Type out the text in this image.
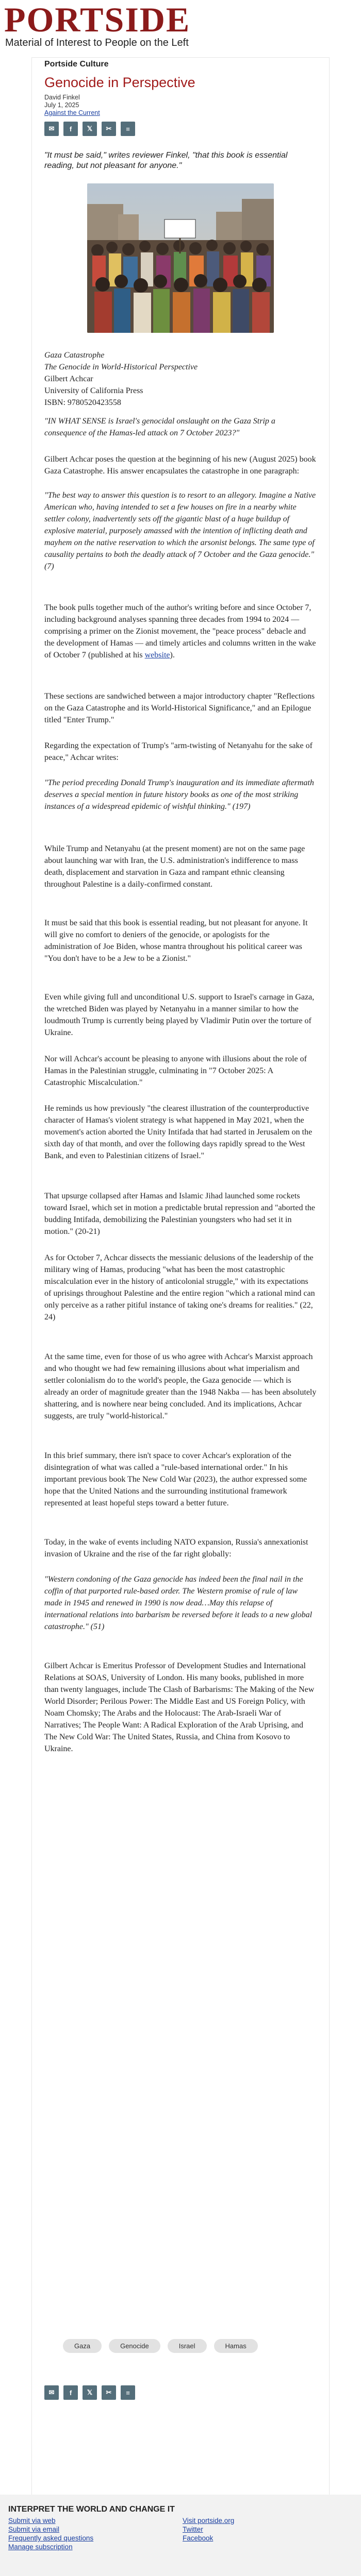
PORTSIDE
Material of Interest to People on the Left
Portside Culture
Genocide in Perspective
David Finkel
July 1, 2025
Against the Current
✉	f	𝕏	✂	≡
"It must be said," writes reviewer Finkel, "that this book is essential reading, but not pleasant for anyone."
Gaza Catastrophe
The Genocide in World-Historical Perspective
Gilbert Achcar
University of California Press
ISBN: 9780520423558
"IN WHAT SENSE is Israel's genocidal onslaught on the Gaza Strip a consequence of the Hamas-led attack on 7 October 2023?"
Gilbert Achcar poses the question at the beginning of his new (August 2025) book Gaza Catastrophe. His answer encapsulates the catastrophe in one paragraph:
"The best way to answer this question is to resort to an allegory. Imagine a Native American who, having intended to set a few houses on fire in a nearby white settler colony, inadvertently sets off the gigantic blast of a huge buildup of explosive material, purposely amassed with the intention of inflicting death and mayhem on the native reservation to which the arsonist belongs. The same type of causality pertains to both the deadly attack of 7 October and the Gaza genocide." (7)
The book pulls together much of the author's writing before and since October 7, including background analyses spanning three decades from 1994 to 2024 — comprising a primer on the Zionist movement, the "peace process" debacle and the development of Hamas — and timely articles and columns written in the wake of October 7 (published at his website).
These sections are sandwiched between a major introductory chapter "Reflections on the Gaza Catastrophe and its World-Historical Significance," and an Epilogue titled "Enter Trump."
Regarding the expectation of Trump's "arm-twisting of Netanyahu for the sake of peace," Achcar writes:
"The period preceding Donald Trump's inauguration and its immediate aftermath deserves a special mention in future history books as one of the most striking instances of a widespread epidemic of wishful thinking." (197)
While Trump and Netanyahu (at the present moment) are not on the same page about launching war with Iran, the U.S. administration's indifference to mass death, displacement and starvation in Gaza and rampant ethnic cleansing throughout Palestine is a daily-confirmed constant.
It must be said that this book is essential reading, but not pleasant for anyone. It will give no comfort to deniers of the genocide, or apologists for the administration of Joe Biden, whose mantra throughout his political career was "You don't have to be a Jew to be a Zionist."
Even while giving full and unconditional U.S. support to Israel's carnage in Gaza, the wretched Biden was played by Netanyahu in a manner similar to how the loudmouth Trump is currently being played by Vladimir Putin over the torture of Ukraine.
Nor will Achcar's account be pleasing to anyone with illusions about the role of Hamas in the Palestinian struggle, culminating in "7 October 2025: A Catastrophic Miscalculation."
He reminds us how previously "the clearest illustration of the counterproductive character of Hamas's violent strategy is what happened in May 2021, when the movement's action aborted the Unity Intifada that had started in Jerusalem on the sixth day of that month, and over the following days rapidly spread to the West Bank, and even to Palestinian citizens of Israel."
That upsurge collapsed after Hamas and Islamic Jihad launched some rockets toward Israel, which set in motion a predictable brutal repression and "aborted the budding Intifada, demobilizing the Palestinian youngsters who had set it in motion." (20-21)
As for October 7, Achcar dissects the messianic delusions of the leadership of the military wing of Hamas, producing "what has been the most catastrophic miscalculation ever in the history of anticolonial struggle," with its expectations of uprisings throughout Palestine and the entire region "which a rational mind can only perceive as a rather pitiful instance of taking one's dreams for realities." (22, 24)
At the same time, even for those of us who agree with Achcar's Marxist approach and who thought we had few remaining illusions about what imperialism and settler colonialism do to the world's people, the Gaza genocide — which is already an order of magnitude greater than the 1948 Nakba — has been absolutely shattering, and is nowhere near being concluded. And its implications, Achcar suggests, are truly "world-historical."
In this brief summary, there isn't space to cover Achcar's exploration of the disintegration of what was called a "rule-based international order." In his important previous book The New Cold War (2023), the author expressed some hope that the United Nations and the surrounding institutional framework represented at least hopeful steps toward a better future.
Today, in the wake of events including NATO expansion, Russia's annexationist invasion of Ukraine and the rise of the far right globally:
"Western condoning of the Gaza genocide has indeed been the final nail in the coffin of that purported rule-based order. The Western promise of rule of law made in 1945 and renewed in 1990 is now dead…May this relapse of international relations into barbarism be reversed before it leads to a new global catastrophe." (51)
Gilbert Achcar is Emeritus Professor of Development Studies and International Relations at SOAS, University of London. His many books, published in more than twenty languages, include The Clash of Barbarisms: The Making of the New World Disorder; Perilous Power: The Middle East and US Foreign Policy, with Noam Chomsky; The Arabs and the Holocaust: The Arab-Israeli War of Narratives; The People Want: A Radical Exploration of the Arab Uprising, and The New Cold War: The United States, Russia, and China from Kosovo to Ukraine.
Gaza	Genocide	Israel	Hamas
✉	f	𝕏	✂	≡
INTERPRET THE WORLD AND CHANGE IT
Submit via web
Submit via email
Frequently asked questions
Manage subscription
Visit portside.org
Twitter
Facebook
